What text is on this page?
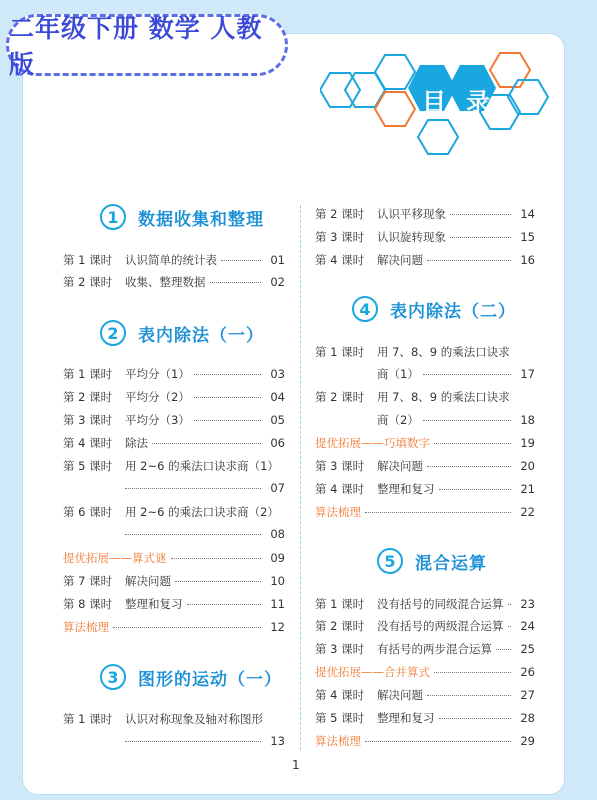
二年级下册 数学 人教版
目录
1	数据收集和整理
第 1 课时	认识简单的统计表	01
第 2 课时	收集、整理数据	02
2	表内除法（一）
第 1 课时	平均分（1）	03
第 2 课时	平均分（2）	04
第 3 课时	平均分（3）	05
第 4 课时	除法	06
第 5 课时	用 2~6 的乘法口诀求商（1）
07
第 6 课时	用 2~6 的乘法口诀求商（2）
08
提优拓展——算式谜	09
第 7 课时	解决问题	10
第 8 课时	整理和复习	11
算法梳理	12
3	图形的运动（一）
第 1 课时	认识对称现象及轴对称图形
13
第 2 课时	认识平移现象	14
第 3 课时	认识旋转现象	15
第 4 课时	解决问题	16
4	表内除法（二）
第 1 课时	用 7、8、9 的乘法口诀求
商（1）	17
第 2 课时	用 7、8、9 的乘法口诀求
商（2）	18
提优拓展——巧填数字	19
第 3 课时	解决问题	20
第 4 课时	整理和复习	21
算法梳理	22
5	混合运算
第 1 课时	没有括号的同级混合运算	23
第 2 课时	没有括号的两级混合运算	24
第 3 课时	有括号的两步混合运算	25
提优拓展——合并算式	26
第 4 课时	解决问题	27
第 5 课时	整理和复习	28
算法梳理	29
1
